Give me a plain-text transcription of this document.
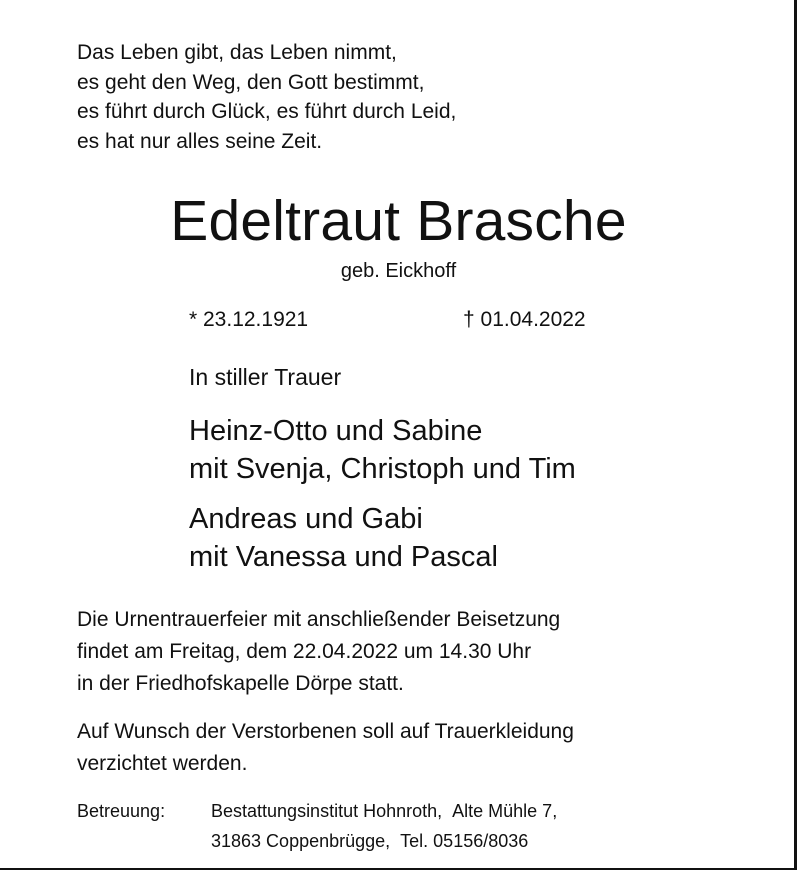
Das Leben gibt, das Leben nimmt,
es geht den Weg, den Gott bestimmt,
es führt durch Glück, es führt durch Leid,
es hat nur alles seine Zeit.
Edeltraut Brasche
geb. Eickhoff
* 23.12.1921	† 01.04.2022
In stiller Trauer
Heinz-Otto und Sabine
mit Svenja, Christoph und Tim
Andreas und Gabi
mit Vanessa und Pascal
Die Urnentrauerfeier mit anschließender Beisetzung
findet am Freitag, dem 22.04.2022 um 14.30 Uhr
in der Friedhofskapelle Dörpe statt.
Auf Wunsch der Verstorbenen soll auf Trauerkleidung
verzichtet werden.
Betreuung:	Bestattungsinstitut Hohnroth, Alte Mühle 7,
31863 Coppenbrügge, Tel. 05156/8036
